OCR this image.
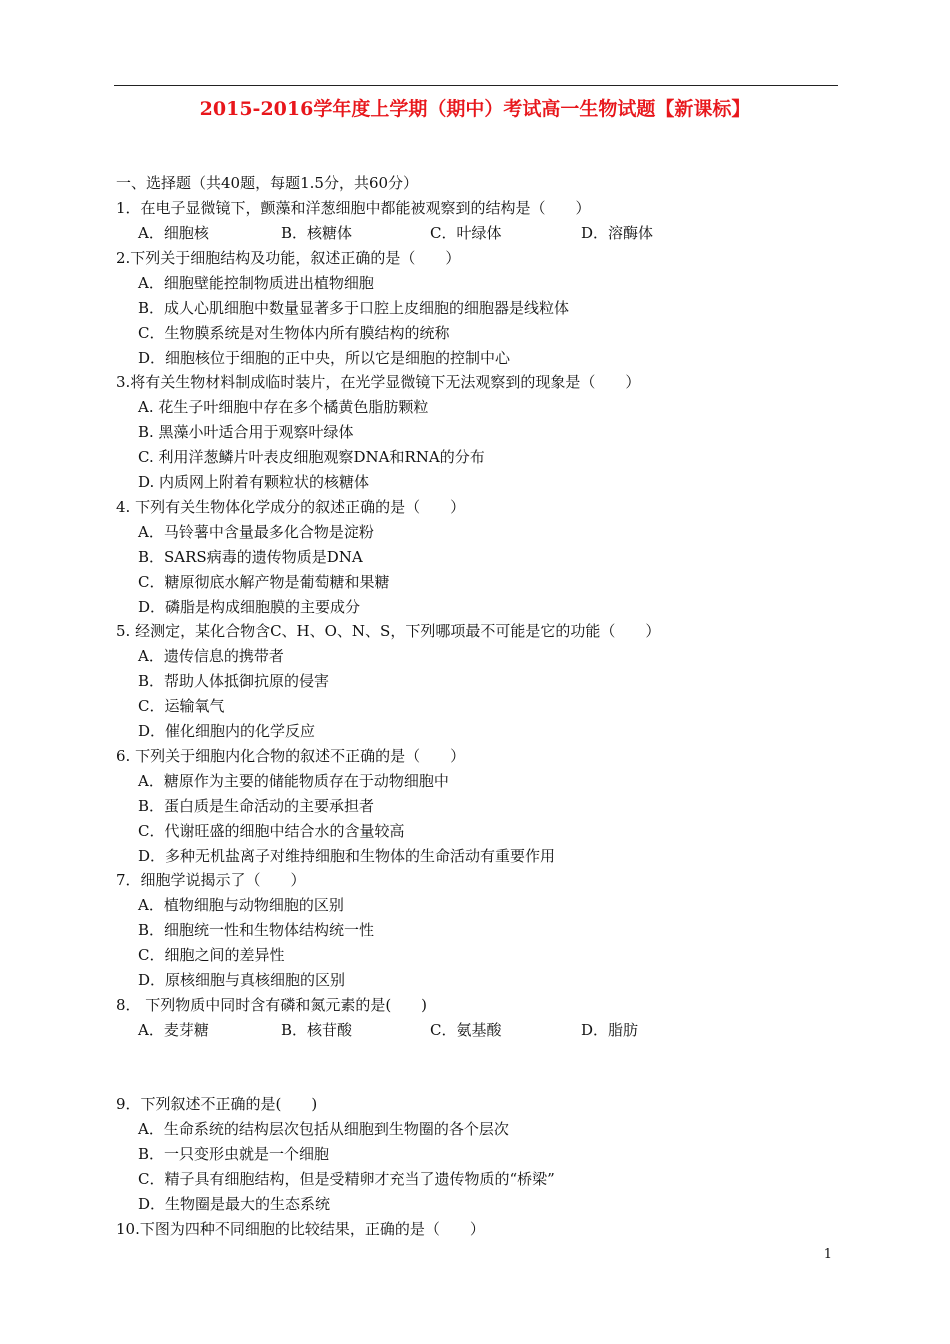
2015-2016学年度上学期（期中）考试高一生物试题【新课标】
一、选择题（共40题，每题1.5分，共60分）
1．在电子显微镜下，颤藻和洋葱细胞中都能被观察到的结构是（　　）
A．细胞核	B．核糖体	C．叶绿体	D．溶酶体
2.下列关于细胞结构及功能，叙述正确的是（　　）
A．细胞壁能控制物质进出植物细胞
B．成人心肌细胞中数量显著多于口腔上皮细胞的细胞器是线粒体
C．生物膜系统是对生物体内所有膜结构的统称
D．细胞核位于细胞的正中央，所以它是细胞的控制中心
3.将有关生物材料制成临时装片，在光学显微镜下无法观察到的现象是（　　）
A. 花生子叶细胞中存在多个橘黄色脂肪颗粒
B. 黑藻小叶适合用于观察叶绿体
C. 利用洋葱鳞片叶表皮细胞观察DNA和RNA的分布
D. 内质网上附着有颗粒状的核糖体
4. 下列有关生物体化学成分的叙述正确的是（　　）
A．马铃薯中含量最多化合物是淀粉
B．SARS病毒的遗传物质是DNA
C．糖原彻底水解产物是葡萄糖和果糖
D．磷脂是构成细胞膜的主要成分
5. 经测定，某化合物含C、H、O、N、S，下列哪项最不可能是它的功能（　　）
A．遗传信息的携带者
B．帮助人体抵御抗原的侵害
C．运输氧气
D．催化细胞内的化学反应
6. 下列关于细胞内化合物的叙述不正确的是（　　）
A．糖原作为主要的储能物质存在于动物细胞中
B．蛋白质是生命活动的主要承担者
C．代谢旺盛的细胞中结合水的含量较高
D．多种无机盐离子对维持细胞和生物体的生命活动有重要作用
7．细胞学说揭示了（　　）
A．植物细胞与动物细胞的区别
B．细胞统一性和生物体结构统一性
C．细胞之间的差异性
D．原核细胞与真核细胞的区别
8． 下列物质中同时含有磷和氮元素的是(　　)
A．麦芽糖	B．核苷酸	C．氨基酸	D．脂肪
9．下列叙述不正确的是(　　)
A．生命系统的结构层次包括从细胞到生物圈的各个层次
B．一只变形虫就是一个细胞
C．精子具有细胞结构，但是受精卵才充当了遗传物质的“桥梁”
D．生物圈是最大的生态系统
10.下图为四种不同细胞的比较结果，正确的是（　　）
1
